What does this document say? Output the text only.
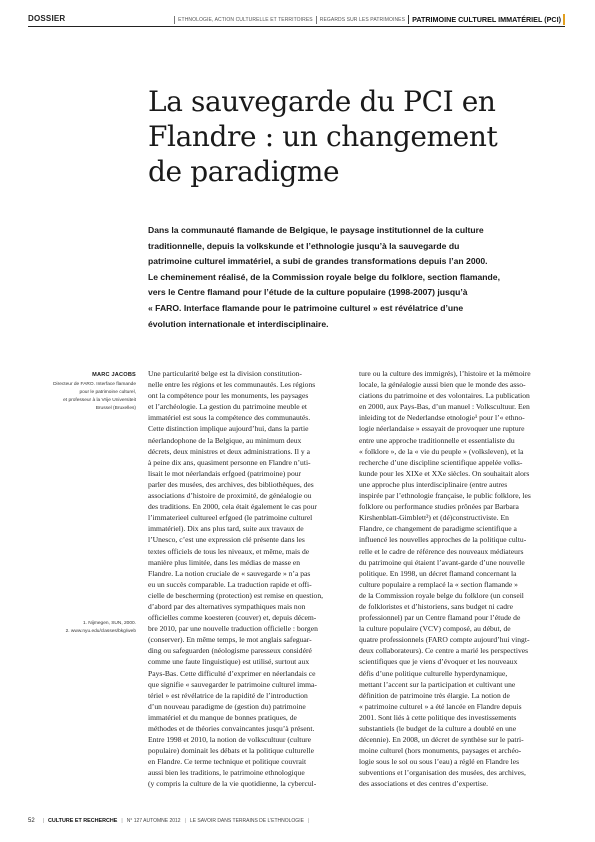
DOSSIER	ETHNOLOGIE, ACTION CULTURELLE ET TERRITOIRES	REGARDS SUR LES PATRIMOINES PATRIMOINE CULTUREL IMMATÉRIEL (PCI)
La sauvegarde du PCI en
Flandre : un changement
de paradigme

Dans la communauté flamande de Belgique, le paysage institutionnel de la culture
traditionnelle, depuis la volkskunde et l’ethnologie jusqu’à la sauvegarde du
patrimoine culturel immatériel, a subi de grandes transformations depuis l’an 2000.
Le cheminement réalisé, de la Commission royale belge du folklore, section flamande,
vers le Centre flamand pour l’étude de la culture populaire (1998-2007) jusqu’à
« FARO. Interface flamande pour le patrimoine culturel » est révélatrice d’une
évolution internationale et interdisciplinaire.

MARC JACOBS
Directeur de FARO. Interface flamande
pour le patrimoine culturel,
et professeur à la Vrije Universiteit
Brussel (Bruxelles)
1. Nijmegen, SUN, 2000.
2. www.nyu.edu/classes/bkg/web
Une particularité belge est la division constitution-
nelle entre les régions et les communautés. Les régions
ont la compétence pour les monuments, les paysages
et l’archéologie. La gestion du patrimoine meuble et
immatériel est sous la compétence des communautés.
Cette distinction implique aujourd’hui, dans la partie
néerlandophone de la Belgique, au minimum deux
décrets, deux ministres et deux administrations. Il y a
à peine dix ans, quasiment personne en Flandre n’uti-
lisait le mot néerlandais erfgoed (patrimoine) pour
parler des musées, des archives, des bibliothèques, des
associations d’histoire de proximité, de généalogie ou
des traditions. En 2000, cela était également le cas pour
l’immaterieel cultureel erfgoed (le patrimoine culturel
immatériel). Dix ans plus tard, suite aux travaux de
l’Unesco, c’est une expression clé présente dans les
textes officiels de tous les niveaux, et même, mais de
manière plus limitée, dans les médias de masse en
Flandre. La notion cruciale de « sauvegarde » n’a pas
eu un succès comparable. La traduction rapide et offi-
cielle de bescherming (protection) est remise en question,
d’abord par des alternatives sympathiques mais non
officielles comme koesteren (couver) et, depuis décem-
bre 2010, par une nouvelle traduction officielle : borgen
(conserver). En même temps, le mot anglais safeguar-
ding ou safeguarden (néologisme paresseux considéré
comme une faute linguistique) est utilisé, surtout aux
Pays-Bas. Cette difficulté d’exprimer en néerlandais ce
que signifie « sauvegarder le patrimoine culturel imma-
tériel » est révélatrice de la rapidité de l’introduction
d’un nouveau paradigme de (gestion du) patrimoine
immatériel et du manque de bonnes pratiques, de
méthodes et de théories convaincantes jusqu’à présent.
Entre 1998 et 2010, la notion de volkscultuur (culture
populaire) dominait les débats et la politique culturelle
en Flandre. Ce terme technique et politique couvrait
aussi bien les traditions, le patrimoine ethnologique
(y compris la culture de la vie quotidienne, la cybercul-
ture ou la culture des immigrés), l’histoire et la mémoire
locale, la généalogie aussi bien que le monde des asso-
ciations du patrimoine et des volontaires. La publication
en 2000, aux Pays-Bas, d’un manuel : Volkscultuur. Een
inleiding tot de Nederlandse etnologie¹ pour l’« ethno-
logie néerlandaise » essayait de provoquer une rupture
entre une approche traditionnelle et essentialiste du
« folklore », de la « vie du peuple » (volksleven), et la
recherche d’une discipline scientifique appelée volks-
kunde pour les XIXe et XXe siècles. On souhaitait alors
une approche plus interdisciplinaire (entre autres
inspirée par l’ethnologie française, le public folklore, les
folklore ou performance studies prônées par Barbara
Kirshenblatt-Gimblett²) et (dé)constructiviste. En
Flandre, ce changement de paradigme scientifique a
influencé les nouvelles approches de la politique cultu-
relle et le cadre de référence des nouveaux médiateurs
du patrimoine qui étaient l’avant-garde d’une nouvelle
politique. En 1998, un décret flamand concernant la
culture populaire a remplacé la « section flamande »
de la Commission royale belge du folklore (un conseil
de folkloristes et d’historiens, sans budget ni cadre
professionnel) par un Centre flamand pour l’étude de
la culture populaire (VCV) composé, au début, de
quatre professionnels (FARO compte aujourd’hui vingt-
deux collaborateurs). Ce centre a marié les perspectives
scientifiques que je viens d’évoquer et les nouveaux
défis d’une politique culturelle hyperdynamique,
mettant l’accent sur la participation et cultivant une
définition de patrimoine très élargie. La notion de
« patrimoine culturel » a été lancée en Flandre depuis
2001. Sont liés à cette politique des investissements
substantiels (le budget de la culture a doublé en une
décennie). En 2008, un décret de synthèse sur le patri-
moine culturel (hors monuments, paysages et archéo-
logie sous le sol ou sous l’eau) a réglé en Flandre les
subventions et l’organisation des musées, des archives,
des associations et des centres d’expertise.
52 | CULTURE ET RECHERCHE | N° 127 AUTOMNE 2012 | LE SAVOIR DANS TERRAINS DE L’ETHNOLOGIE |
